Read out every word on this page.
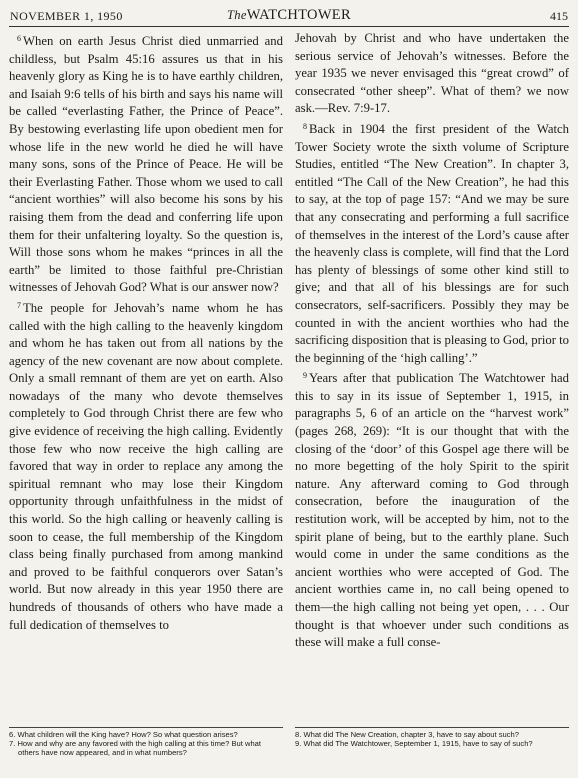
NOVEMBER 1, 1950	TheWATCHTOWER	415

$^6$ When on earth Jesus Christ died unmarried and childless, but Psalm 45:16 assures us that in his heavenly glory as King he is to have earthly children, and Isaiah 9:6 tells of his birth and says his name will be called “everlasting Father, the Prince of Peace”. By bestowing everlasting life upon obedient men for whose life in the new world he died he will have many sons, sons of the Prince of Peace. He will be their Everlasting Father. Those whom we used to call “ancient worthies” will also become his sons by his raising them from the dead and conferring life upon them for their unfaltering loyalty. So the question is, Will those sons whom he makes “princes in all the earth” be limited to those faithful pre-Christian witnesses of Jehovah God? What is our answer now?

$^7$ The people for Jehovah’s name whom he has called with the high calling to the heavenly kingdom and whom he has taken out from all nations by the agency of the new covenant are now about complete. Only a small remnant of them are yet on earth. Also nowadays of the many who devote themselves completely to God through Christ there are few who give evidence of receiving the high calling. Evidently those few who now receive the high calling are favored that way in order to replace any among the spiritual remnant who may lose their Kingdom opportunity through unfaithfulness in the midst of this world. So the high calling or heavenly calling is soon to cease, the full membership of the Kingdom class being finally purchased from among mankind and proved to be faithful conquerors over Satan’s world. But now already in this year 1950 there are hundreds of thousands of others who have made a full dedication of themselves to

6. What children will the King have? How? So what question arises?
7. How and why are any favored with the high calling at this time? But what others have now appeared, and in what numbers?

Jehovah by Christ and who have undertaken the serious service of Jehovah’s witnesses. Before the year 1935 we never envisaged this “great crowd” of consecrated “other sheep”. What of them? we now ask.—Rev. 7:9-17.

$^8$ Back in 1904 the first president of the Watch Tower Society wrote the sixth volume of Scripture Studies, entitled “The New Creation”. In chapter 3, entitled “The Call of the New Creation”, he had this to say, at the top of page 157: “And we may be sure that any consecrating and performing a full sacrifice of themselves in the interest of the Lord’s cause after the heavenly class is complete, will find that the Lord has plenty of blessings of some other kind still to give; and that all of his blessings are for such consecrators, self-sacrificers. Possibly they may be counted in with the ancient worthies who had the sacrificing disposition that is pleasing to God, prior to the beginning of the ‘high calling’.”

$^9$ Years after that publication The Watchtower had this to say in its issue of September 1, 1915, in paragraphs 5, 6 of an article on the “harvest work” (pages 268, 269): “It is our thought that with the closing of the ‘door’ of this Gospel age there will be no more begetting of the holy Spirit to the spirit nature. Any afterward coming to God through consecration, before the inauguration of the restitution work, will be accepted by him, not to the spirit plane of being, but to the earthly plane. Such would come in under the same conditions as the ancient worthies who were accepted of God. The ancient worthies came in, no call being opened to them—the high calling not being yet open, . . . Our thought is that whoever under such conditions as these will make a full conse-

8. What did The New Creation, chapter 3, have to say about such?
9. What did The Watchtower, September 1, 1915, have to say of such?
